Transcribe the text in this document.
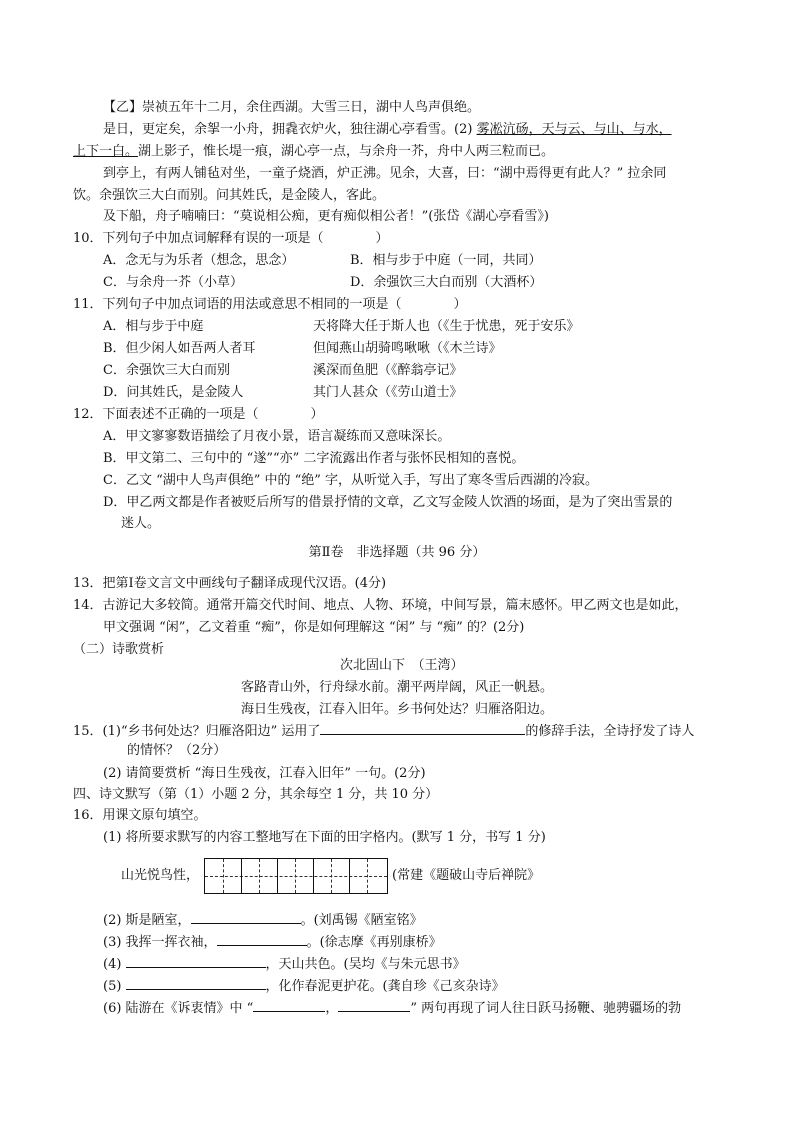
【乙】崇祯五年十二月，余住西湖。大雪三日，湖中人鸟声俱绝。
是日，更定矣，余挐一小舟，拥毳衣炉火，独往湖心亭看雪。(2) 雾凇沆砀，天与云、与山、与水，
上下一白。湖上影子，惟长堤一痕，湖心亭一点，与余舟一芥，舟中人两三粒而已。
到亭上，有两人铺毡对坐，一童子烧酒，炉正沸。见余，大喜，曰：“湖中焉得更有此人？” 拉余同
饮。余强饮三大白而别。问其姓氏，是金陵人，客此。
及下船，舟子喃喃曰：“莫说相公痴，更有痴似相公者！”(张岱《湖心亭看雪》)
10．下列句子中加点词解释有误的一项是（　　　　）
A．念无与为乐者（想念，思念）	B．相与步于中庭（一同，共同）
C．与余舟一芥（小草）	D．余强饮三大白而别（大酒杯）
11．下列句子中加点词语的用法或意思不相同的一项是（　　　　）
A．相与步于中庭	天将降大任于斯人也（《生于忧患，死于安乐》
B．但少闲人如吾两人者耳	但闻燕山胡骑鸣啾啾（《木兰诗》
C．余强饮三大白而别	溪深而鱼肥（《醉翁亭记》
D．问其姓氏，是金陵人	其门人甚众（《劳山道士》
12．下面表述不正确的一项是（　　　　）
A．甲文寥寥数语描绘了月夜小景，语言凝练而又意味深长。
B．甲文第二、三句中的 “遂”“亦” 二字流露出作者与张怀民相知的喜悦。
C．乙文 “湖中人鸟声俱绝” 中的 “绝” 字，从听觉入手，写出了寒冬雪后西湖的冷寂。
D．甲乙两文都是作者被贬后所写的借景抒情的文章，乙文写金陵人饮酒的场面，是为了突出雪景的
迷人。
第Ⅱ卷　非选择题（共 96 分）
13．把第Ⅰ卷文言文中画线句子翻译成现代汉语。(4分)
14．古游记大多较简。通常开篇交代时间、地点、人物、环境，中间写景，篇末感怀。甲乙两文也是如此，
甲文强调 “闲”，乙文着重 “痴”，你是如何理解这 “闲” 与 “痴” 的？(2分)
（二）诗歌赏析
次北固山下　（王湾）
客路青山外，行舟绿水前。潮平两岸阔，风正一帆悬。
海日生残夜，江春入旧年。乡书何处达？归雁洛阳边。
15．(1)“乡书何处达？归雁洛阳边” 运用了	的修辞手法，全诗抒发了诗人
的情怀？（2分）
(2) 请简要赏析 “海日生残夜，江春入旧年” 一句。(2分)
四、诗文默写（第（1）小题 2 分，其余每空 1 分，共 10 分）
16．用课文原句填空。
(1) 将所要求默写的内容工整地写在下面的田字格内。(默写 1 分，书写 1 分)
山光悦鸟性，	(常建《题破山寺后禅院》
(2) 斯是陋室，	。(刘禹锡《陋室铭》
(3) 我挥一挥衣袖，	。(徐志摩《再别康桥》
(4)	，天山共色。(吴均《与朱元思书》
(5)	，化作春泥更护花。(龚自珍《己亥杂诗》
(6) 陆游在《诉衷情》中 “	，	” 两句再现了词人往日跃马扬鞭、驰骋疆场的勃
